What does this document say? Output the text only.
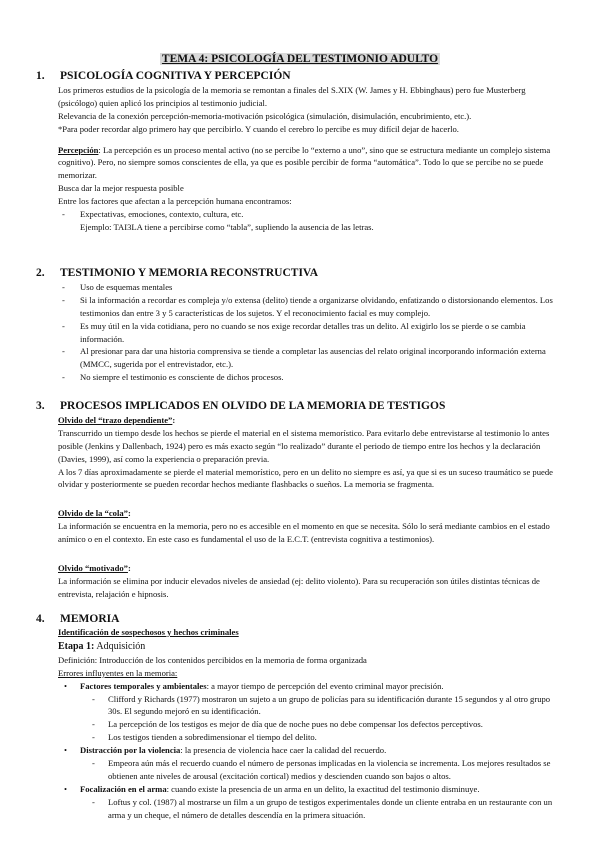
TEMA 4: PSICOLOGÍA DEL TESTIMONIO ADULTO
1. PSICOLOGÍA COGNITIVA Y PERCEPCIÓN

Los primeros estudios de la psicología de la memoria se remontan a finales del S.XIX (W. James y H. Ebbinghaus) pero fue Musterberg (psicólogo) quien aplicó los principios al testimonio judicial.

Relevancia de la conexión percepción-memoria-motivación psicológica (simulación, disimulación, encubrimiento, etc.).

*Para poder recordar algo primero hay que percibirlo. Y cuando el cerebro lo percibe es muy difícil dejar de hacerlo.

Percepción: La percepción es un proceso mental activo (no se percibe lo “externo a uno”, sino que se estructura mediante un complejo sistema cognitivo). Pero, no siempre somos conscientes de ella, ya que es posible percibir de forma “automática”. Todo lo que se percibe no se puede memorizar.

Busca dar la mejor respuesta posible

Entre los factores que afectan a la percepción humana encontramos:

- Expectativas, emociones, contexto, cultura, etc.

Ejemplo: TAI3LA tiene a percibirse como “tabla”, supliendo la ausencia de las letras.

2. TESTIMONIO Y MEMORIA RECONSTRUCTIVA
- Uso de esquemas mentales
- Si la información a recordar es compleja y/o extensa (delito) tiende a organizarse olvidando, enfatizando o distorsionando elementos. Los testimonios dan entre 3 y 5 características de los sujetos. Y el reconocimiento facial es muy complejo.
- Es muy útil en la vida cotidiana, pero no cuando se nos exige recordar detalles tras un delito. Al exigirlo los se pierde o se cambia información.
- Al presionar para dar una historia comprensiva se tiende a completar las ausencias del relato original incorporando información externa (MMCC, sugerida por el entrevistador, etc.).
- No siempre el testimonio es consciente de dichos procesos.
3. PROCESOS IMPLICADOS EN OLVIDO DE LA MEMORIA DE TESTIGOS

Olvido del “trazo dependiente”:

Transcurrido un tiempo desde los hechos se pierde el material en el sistema memorístico. Para evitarlo debe entrevistarse al testimonio lo antes posible (Jenkins y Dallenbach, 1924) pero es más exacto según “lo realizado” durante el periodo de tiempo entre los hechos y la declaración (Davies, 1999), así como la experiencia o preparación previa.

A los 7 días aproximadamente se pierde el material memorístico, pero en un delito no siempre es así, ya que si es un suceso traumático se puede olvidar y posteriormente se pueden recordar hechos mediante flashbacks o sueños. La memoria se fragmenta.

Olvido de la “cola”:

La información se encuentra en la memoria, pero no es accesible en el momento en que se necesita. Sólo lo será mediante cambios en el estado anímico o en el contexto. En este caso es fundamental el uso de la E.C.T. (entrevista cognitiva a testimonios).

Olvido “motivado”:

La información se elimina por inducir elevados niveles de ansiedad (ej: delito violento). Para su recuperación son útiles distintas técnicas de entrevista, relajación e hipnosis.

4. MEMORIA

Identificación de sospechosos y hechos criminales

Etapa 1: Adquisición

Definición: Introducción de los contenidos percibidos en la memoria de forma organizada

Errores influyentes en la memoria:

• Factores temporales y ambientales: a mayor tiempo de percepción del evento criminal mayor precisión.

- Clifford y Richards (1977) mostraron un sujeto a un grupo de policías para su identificación durante 15 segundos y al otro grupo 30s. El segundo mejoró en su identificación.

- La percepción de los testigos es mejor de día que de noche pues no debe compensar los defectos perceptivos.

- Los testigos tienden a sobredimensionar el tiempo del delito.

• Distracción por la violencia: la presencia de violencia hace caer la calidad del recuerdo.

- Empeora aún más el recuerdo cuando el número de personas implicadas en la violencia se incrementa. Los mejores resultados se obtienen ante niveles de arousal (excitación cortical) medios y descienden cuando son bajos o altos.

• Focalización en el arma: cuando existe la presencia de un arma en un delito, la exactitud del testimonio disminuye.

- Loftus y col. (1987) al mostrarse un film a un grupo de testigos experimentales donde un cliente entraba en un restaurante con un arma y un cheque, el número de detalles descendía en la primera situación.
